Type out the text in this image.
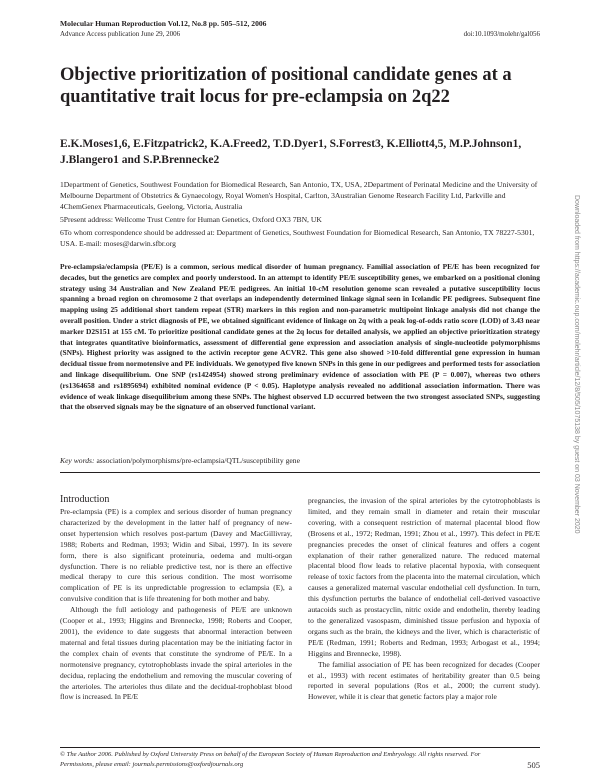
Molecular Human Reproduction Vol.12, No.8 pp. 505–512, 2006
Advance Access publication June 29, 2006	doi:10.1093/molehr/gal056
Objective prioritization of positional candidate genes at a quantitative trait locus for pre-eclampsia on 2q22
E.K.Moses1,6, E.Fitzpatrick2, K.A.Freed2, T.D.Dyer1, S.Forrest3, K.Elliott4,5, M.P.Johnson1, J.Blangero1 and S.P.Brennecke2
1Department of Genetics, Southwest Foundation for Biomedical Research, San Antonio, TX, USA, 2Department of Perinatal Medicine and the University of Melbourne Department of Obstetrics & Gynaecology, Royal Women's Hospital, Carlton, 3Australian Genome Research Facility Ltd, Parkville and 4ChemGenex Pharmaceuticals, Geelong, Victoria, Australia
5Present address: Wellcome Trust Centre for Human Genetics, Oxford OX3 7BN, UK
6To whom correspondence should be addressed at: Department of Genetics, Southwest Foundation for Biomedical Research, San Antonio, TX 78227-5301, USA. E-mail: moses@darwin.sfbr.org
Pre-eclampsia/eclampsia (PE/E) is a common, serious medical disorder of human pregnancy. Familial association of PE/E has been recognized for decades, but the genetics are complex and poorly understood. In an attempt to identify PE/E susceptibility genes, we embarked on a positional cloning strategy using 34 Australian and New Zealand PE/E pedigrees. An initial 10-cM resolution genome scan revealed a putative susceptibility locus spanning a broad region on chromosome 2 that overlaps an independently determined linkage signal seen in Icelandic PE pedigrees. Subsequent fine mapping using 25 additional short tandem repeat (STR) markers in this region and non-parametric multipoint linkage analysis did not change the overall position. Under a strict diagnosis of PE, we obtained significant evidence of linkage on 2q with a peak log-of-odds ratio score (LOD) of 3.43 near marker D2S151 at 155 cM. To prioritize positional candidate genes at the 2q locus for detailed analysis, we applied an objective prioritization strategy that integrates quantitative bioinformatics, assessment of differential gene expression and association analysis of single-nucleotide polymorphisms (SNPs). Highest priority was assigned to the activin receptor gene ACVR2. This gene also showed >10-fold differential gene expression in human decidual tissue from normotensive and PE individuals. We genotyped five known SNPs in this gene in our pedigrees and performed tests for association and linkage disequilibrium. One SNP (rs1424954) showed strong preliminary evidence of association with PE (P = 0.007), whereas two others (rs1364658 and rs1895694) exhibited nominal evidence (P < 0.05). Haplotype analysis revealed no additional association information. There was evidence of weak linkage disequilibrium among these SNPs. The highest observed LD occurred between the two strongest associated SNPs, suggesting that the observed signals may be the signature of an observed functional variant.
Key words: association/polymorphisms/pre-eclampsia/QTL/susceptibility gene
Introduction

Pre-eclampsia (PE) is a complex and serious disorder of human pregnancy characterized by the development in the latter half of pregnancy of new-onset hypertension which resolves post-partum (Davey and MacGillivray, 1988; Roberts and Redman, 1993; Widin and Sibai, 1997). In its severe form, there is also significant proteinuria, oedema and multi-organ dysfunction. There is no reliable predictive test, nor is there an effective medical therapy to cure this serious condition. The most worrisome complication of PE is its unpredictable progression to eclampsia (E), a convulsive condition that is life threatening for both mother and baby.

Although the full aetiology and pathogenesis of PE/E are unknown (Cooper et al., 1993; Higgins and Brennecke, 1998; Roberts and Cooper, 2001), the evidence to date suggests that abnormal interaction between maternal and fetal tissues during placentation may be the initiating factor in the complex chain of events that constitute the syndrome of PE/E. In a normotensive pregnancy, cytotrophoblasts invade the spiral arterioles in the decidua, replacing the endothelium and removing the muscular covering of the arterioles. The arterioles thus dilate and the decidual-trophoblast blood flow is increased. In PE/E

pregnancies, the invasion of the spiral arterioles by the cytotrophoblasts is limited, and they remain small in diameter and retain their muscular covering, with a consequent restriction of maternal placental blood flow (Brosens et al., 1972; Redman, 1991; Zhou et al., 1997). This defect in PE/E pregnancies precedes the onset of clinical features and offers a cogent explanation of their rather generalized nature. The reduced maternal placental blood flow leads to relative placental hypoxia, with consequent release of toxic factors from the placenta into the maternal circulation, which causes a generalized maternal vascular endothelial cell dysfunction. In turn, this dysfunction perturbs the balance of endothelial cell-derived vasoactive autacoids such as prostacyclin, nitric oxide and endothelin, thereby leading to the generalized vasospasm, diminished tissue perfusion and hypoxia of organs such as the brain, the kidneys and the liver, which is characteristic of PE/E (Redman, 1991; Roberts and Redman, 1993; Arbogast et al., 1994; Higgins and Brennecke, 1998).

The familial association of PE has been recognized for decades (Cooper et al., 1993) with recent estimates of heritability greater than 0.5 being reported in several populations (Ros et al., 2000; the current study). However, while it is clear that genetic factors play a major role

© The Author 2006. Published by Oxford University Press on behalf of the European Society of Human Reproduction and Embryology. All rights reserved. For Permissions, please email: journals.permissions@oxfordjournals.org	505
Downloaded from https://academic.oup.com/molehr/article/12/8/505/1075138 by guest on 03 November 2020
